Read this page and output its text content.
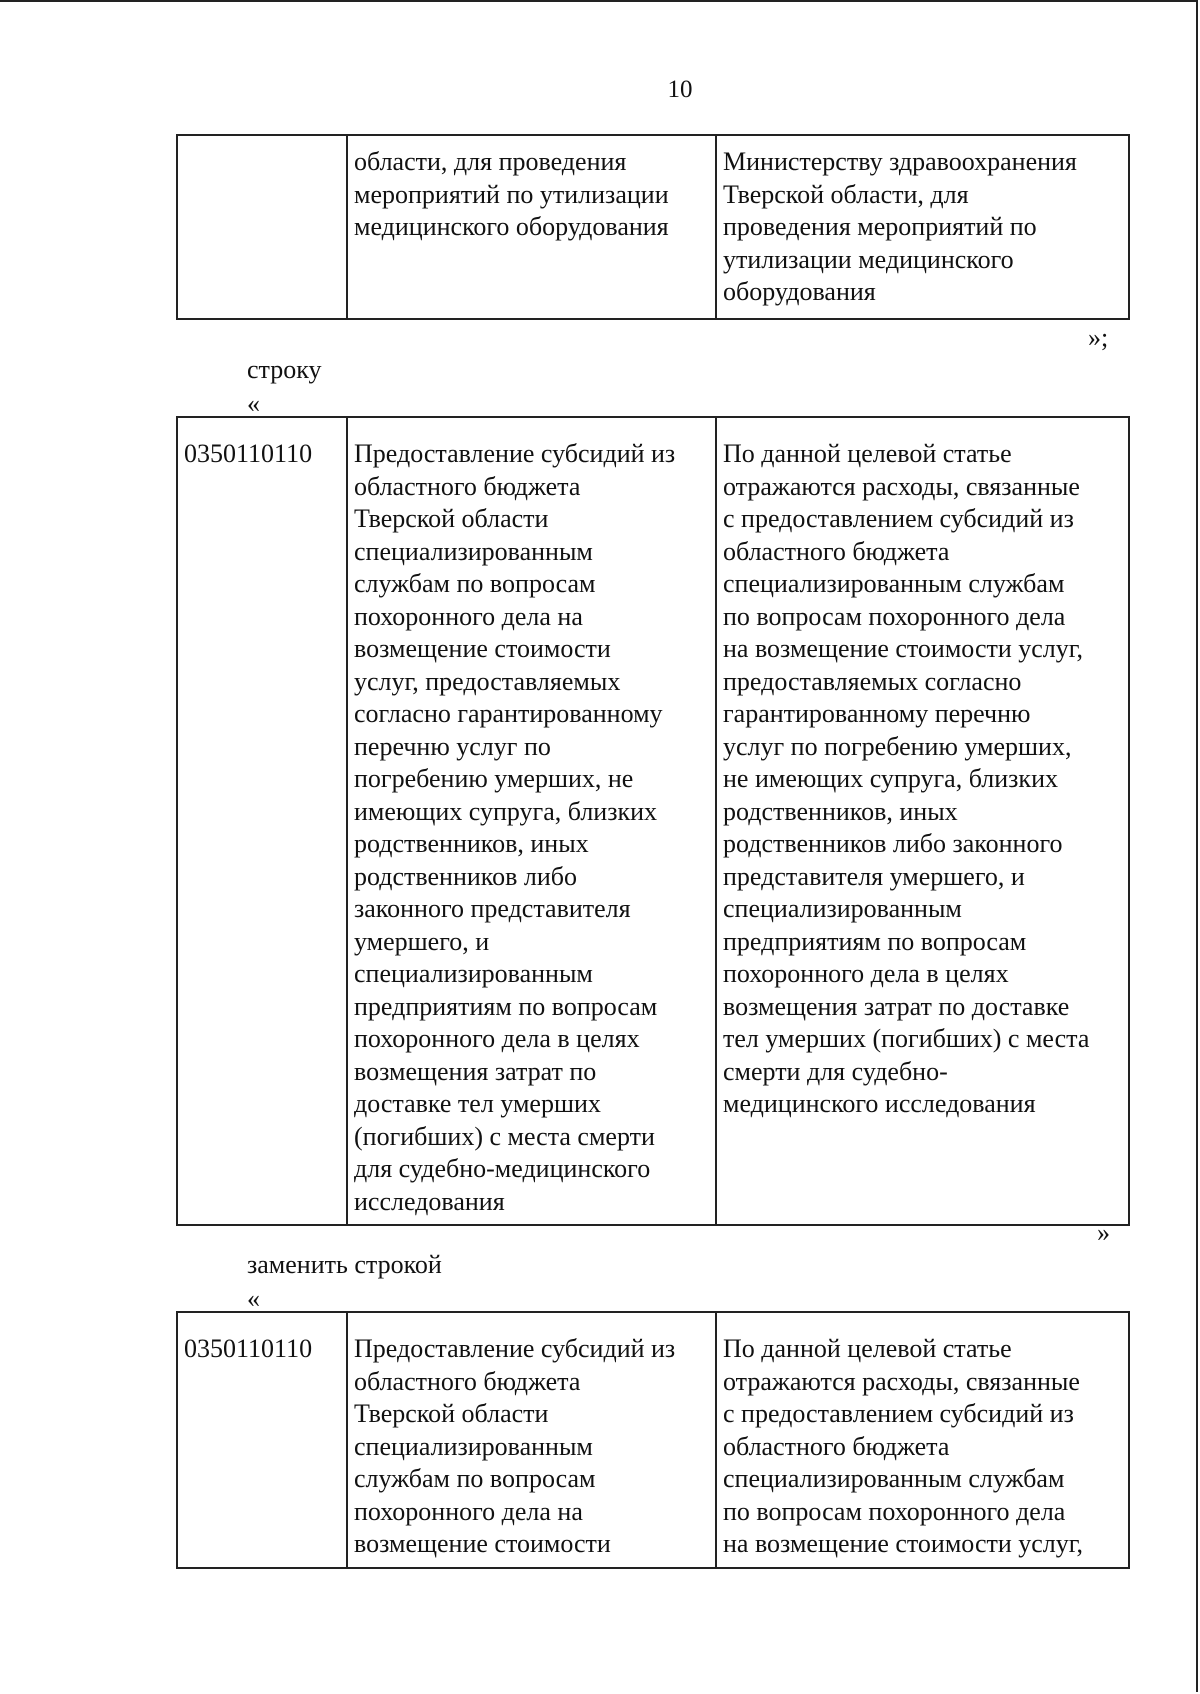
10
	области, для проведения
мероприятий по утилизации
медицинского оборудования	Министерству здравоохранения
Тверской области, для
проведения мероприятий по
утилизации медицинского
оборудования
»;
строку
«
0350110110	Предоставление субсидий из
областного бюджета
Тверской области
специализированным
службам по вопросам
похоронного дела на
возмещение стоимости
услуг, предоставляемых
согласно гарантированному
перечню услуг по
погребению умерших, не
имеющих супруга, близких
родственников, иных
родственников либо
законного представителя
умершего, и
специализированным
предприятиям по вопросам
похоронного дела в целях
возмещения затрат по
доставке тел умерших
(погибших) с места смерти
для судебно-медицинского
исследования	По данной целевой статье
отражаются расходы, связанные
с предоставлением субсидий из
областного бюджета
специализированным службам
по вопросам похоронного дела
на возмещение стоимости услуг,
предоставляемых согласно
гарантированному перечню
услуг по погребению умерших,
не имеющих супруга, близких
родственников, иных
родственников либо законного
представителя умершего, и
специализированным
предприятиям по вопросам
похоронного дела в целях
возмещения затрат по доставке
тел умерших (погибших) с места
смерти для судебно-
медицинского исследования
»
заменить строкой
«
0350110110	Предоставление субсидий из
областного бюджета
Тверской области
специализированным
службам по вопросам
похоронного дела на
возмещение стоимости	По данной целевой статье
отражаются расходы, связанные
с предоставлением субсидий из
областного бюджета
специализированным службам
по вопросам похоронного дела
на возмещение стоимости услуг,
